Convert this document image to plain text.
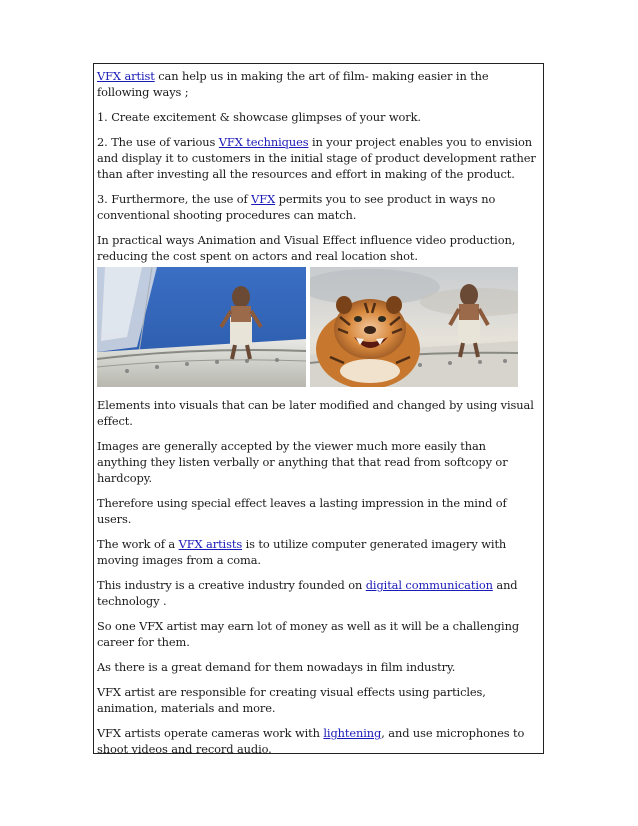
VFX artist can help us in making the art of film- making easier in the following ways ;

1. Create excitement & showcase glimpses of your work.

2. The use of various VFX techniques in your project enables you to envision and display it to customers in the initial stage of product development rather than after investing all the resources and effort in making of the product.

3. Furthermore, the use of VFX permits you to see product in ways no conventional shooting procedures can match.

In practical ways Animation and Visual Effect influence video production, reducing the cost spent on actors and real location shot.

Elements into visuals that can be later modified and changed by using visual effect.

Images are generally accepted by the viewer much more easily than anything they listen verbally or anything that that read from softcopy or hardcopy.

Therefore using special effect leaves a lasting impression in the mind of users.

The work of a VFX artists is to utilize computer generated imagery with moving images from a coma.

This industry is a creative industry founded on digital communication and technology .

So one VFX artist may earn lot of money as well as it will be a challenging career for them.

As there is a great demand for them nowadays in film industry.

VFX artist are responsible for creating visual effects using particles, animation, materials and more.

VFX artists operate cameras work with lightening, and use microphones to shoot videos and record audio.
